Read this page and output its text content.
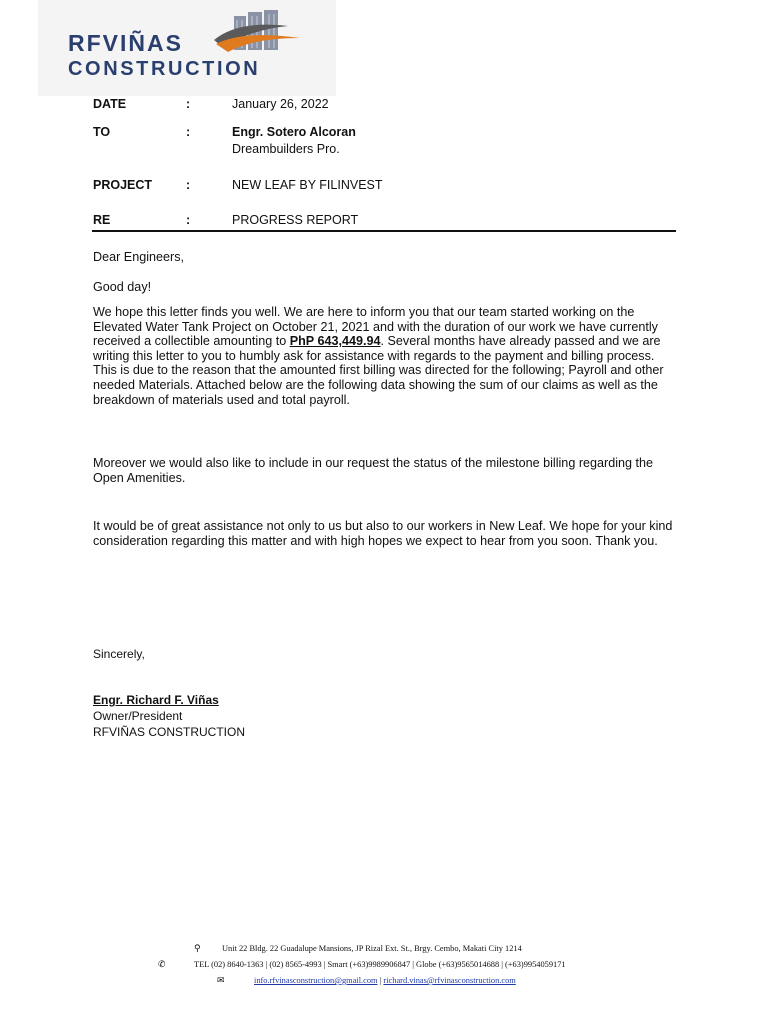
RFVIÑAS
CONSTRUCTION
DATE	:	January 26, 2022
TO	:	Engr. Sotero Alcoran
Dreambuilders Pro.
PROJECT	:	NEW LEAF BY FILINVEST
RE	:	PROGRESS REPORT
Dear Engineers,
Good day!
We hope this letter finds you well. We are here to inform you that our team started working on the Elevated Water Tank Project on October 21, 2021 and with the duration of our work we have currently received a collectible amounting to PhP 643,449.94. Several months have already passed and we are writing this letter to you to humbly ask for assistance with regards to the payment and billing process. This is due to the reason that the amounted first billing was directed for the following; Payroll and other needed Materials. Attached below are the following data showing the sum of our claims as well as the breakdown of materials used and total payroll.
Moreover we would also like to include in our request the status of the milestone billing regarding the Open Amenities.
It would be of great assistance not only to us but also to our workers in New Leaf. We hope for your kind consideration regarding this matter and with high hopes we expect to hear from you soon. Thank you.
Sincerely,
Engr. Richard F. Viñas
Owner/President
RFVIÑAS CONSTRUCTION
⚲	Unit 22 Bldg. 22 Guadalupe Mansions, JP Rizal Ext. St., Brgy. Cembo, Makati City 1214
✆	TEL (02) 8640-1363 | (02) 8565-4993 | Smart (+63)9989906847 | Globe (+63)9565014688 | (+63)9954059171
✉	info.rfvinasconstruction@gmail.com | richard.vinas@rfvinasconstruction.com
